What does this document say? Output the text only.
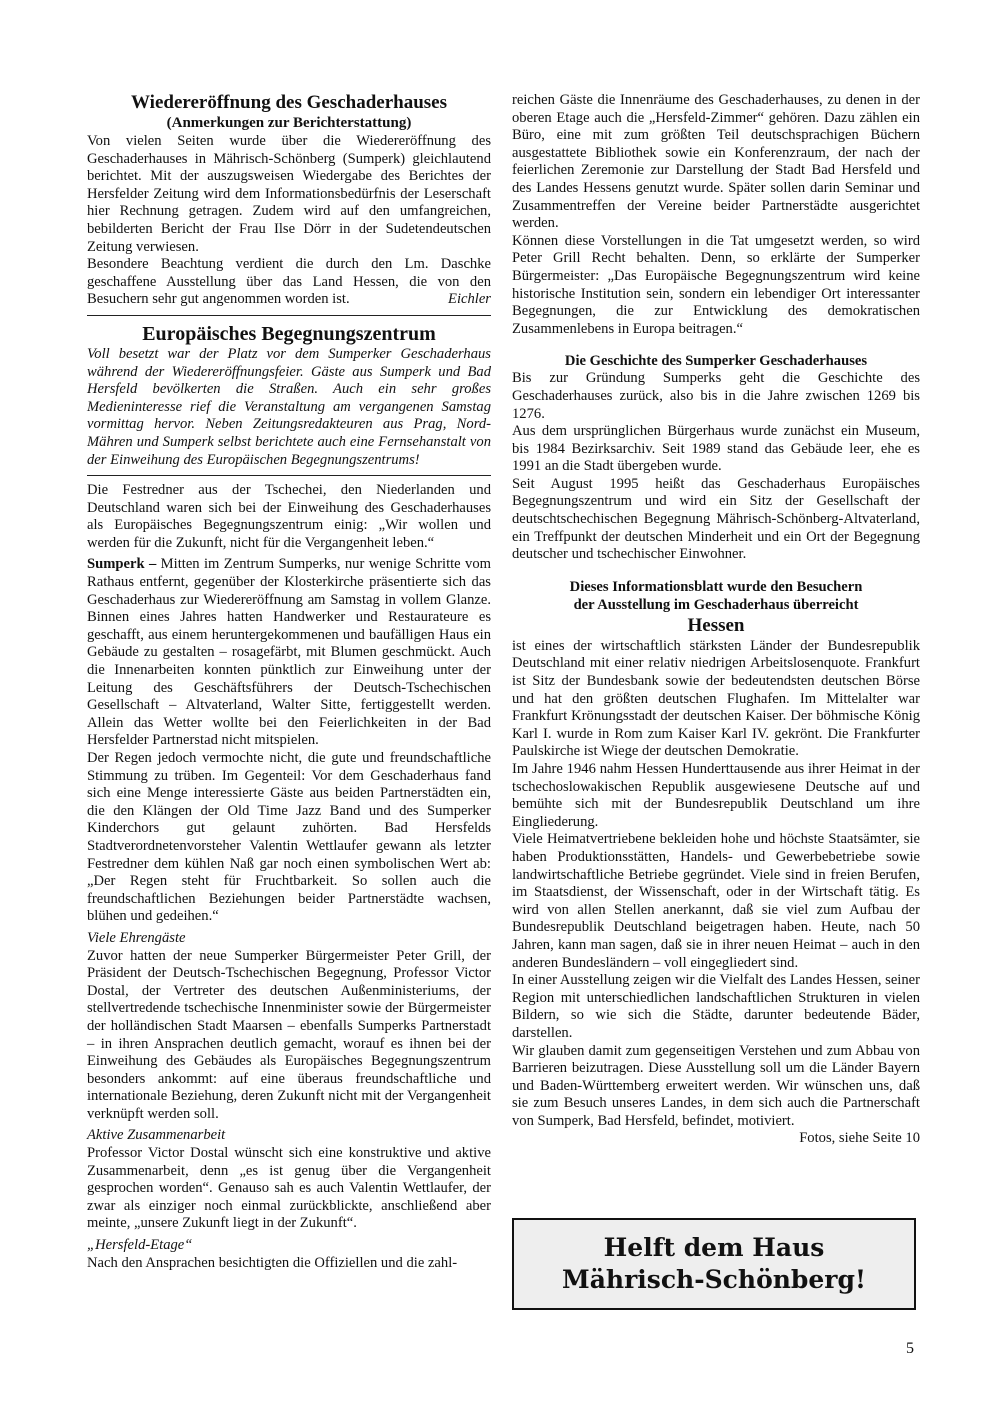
Wiedereröffnung des Geschaderhauses

(Anmerkungen zur Berichterstattung)

Von vielen Seiten wurde über die Wiedereröffnung des Geschaderhauses in Mährisch-Schönberg (Sumperk) gleichlautend berichtet. Mit der auszugsweisen Wiedergabe des Berichtes der Hersfelder Zeitung wird dem Informationsbedürfnis der Leserschaft hier Rechnung getragen. Zudem wird auf den umfangreichen, bebilderten Bericht der Frau Ilse Dörr in der Sudetendeutschen Zeitung verwiesen.

Besondere Beachtung verdient die durch den Lm. Daschke geschaffene Ausstellung über das Land Hessen, die von den Besuchern sehr gut angenommen worden ist.	Eichler

Europäisches Begegnungszentrum

Voll besetzt war der Platz vor dem Sumperker Geschaderhaus während der Wiedereröffnungsfeier. Gäste aus Sumperk und Bad Hersfeld bevölkerten die Straßen. Auch ein sehr großes Medieninteresse rief die Veranstaltung am vergangenen Samstag vormittag hervor. Neben Zeitungsredakteuren aus Prag, Nord-Mähren und Sumperk selbst berichtete auch eine Fernsehanstalt von der Einweihung des Europäischen Begegnungszentrums!

Die Festredner aus der Tschechei, den Niederlanden und Deutschland waren sich bei der Einweihung des Geschaderhauses als Europäisches Begegnungszentrum einig: „Wir wollen und werden für die Zukunft, nicht für die Vergangenheit leben.“

Sumperk – Mitten im Zentrum Sumperks, nur wenige Schritte vom Rathaus entfernt, gegenüber der Klosterkirche präsentierte sich das Geschaderhaus zur Wiedereröffnung am Samstag in vollem Glanze. Binnen eines Jahres hatten Handwerker und Restaurateure es geschafft, aus einem heruntergekommenen und baufälligen Haus ein Gebäude zu gestalten – rosagefärbt, mit Blumen geschmückt. Auch die Innenarbeiten konnten pünktlich zur Einweihung unter der Leitung des Geschäftsführers der Deutsch-Tschechischen Gesellschaft – Altvaterland, Walter Sitte, fertiggestellt werden. Allein das Wetter wollte bei den Feierlichkeiten in der Bad Hersfelder Partnerstad nicht mitspielen.

Der Regen jedoch vermochte nicht, die gute und freundschaftliche Stimmung zu trüben. Im Gegenteil: Vor dem Geschaderhaus fand sich eine Menge interessierte Gäste aus beiden Partnerstädten ein, die den Klängen der Old Time Jazz Band und des Sumperker Kinderchors gut gelaunt zuhörten. Bad Hersfelds Stadtverordnetenvorsteher Valentin Wettlaufer gewann als letzter Festredner dem kühlen Naß gar noch einen symbolischen Wert ab: „Der Regen steht für Fruchtbarkeit. So sollen auch die freundschaftlichen Beziehungen beider Partnerstädte wachsen, blühen und gedeihen.“

Viele Ehrengäste

Zuvor hatten der neue Sumperker Bürgermeister Peter Grill, der Präsident der Deutsch-Tschechischen Begegnung, Professor Victor Dostal, der Vertreter des deutschen Außenministeriums, der stellvertredende tschechische Innenminister sowie der Bürgermeister der holländischen Stadt Maarsen – ebenfalls Sumperks Partnerstadt – in ihren Ansprachen deutlich gemacht, worauf es ihnen bei der Einweihung des Gebäudes als Europäisches Begegnungszentrum besonders ankommt: auf eine überaus freundschaftliche und internationale Beziehung, deren Zukunft nicht mit der Vergangenheit verknüpft werden soll.

Aktive Zusammenarbeit

Professor Victor Dostal wünscht sich eine konstruktive und aktive Zusammenarbeit, denn „es ist genug über die Vergangenheit gesprochen worden“. Genauso sah es auch Valentin Wettlaufer, der zwar als einziger noch einmal zurückblickte, anschließend aber meinte, „unsere Zukunft liegt in der Zukunft“.

„Hersfeld-Etage“

Nach den Ansprachen besichtigten die Offiziellen und die zahl-

reichen Gäste die Innenräume des Geschaderhauses, zu denen in der oberen Etage auch die „Hersfeld-Zimmer“ gehören. Dazu zählen ein Büro, eine mit zum größten Teil deutschsprachigen Büchern ausgestattete Bibliothek sowie ein Konferenzraum, der nach der feierlichen Zeremonie zur Darstellung der Stadt Bad Hersfeld und des Landes Hessens genutzt wurde. Später sollen darin Seminar und Zusammentreffen der Vereine beider Partnerstädte ausgerichtet werden.

Können diese Vorstellungen in die Tat umgesetzt werden, so wird Peter Grill Recht behalten. Denn, so erklärte der Sumperker Bürgermeister: „Das Europäische Begegnungszentrum wird keine historische Institution sein, sondern ein lebendiger Ort interessanter Begegnungen, die zur Entwicklung des demokratischen Zusammenlebens in Europa beitragen.“

Die Geschichte des Sumperker Geschaderhauses

Bis zur Gründung Sumperks geht die Geschichte des Geschaderhauses zurück, also bis in die Jahre zwischen 1269 bis 1276.

Aus dem ursprünglichen Bürgerhaus wurde zunächst ein Museum, bis 1984 Bezirksarchiv. Seit 1989 stand das Gebäude leer, ehe es 1991 an die Stadt übergeben wurde.

Seit August 1995 heißt das Geschaderhaus Europäisches Begegnungszentrum und wird ein Sitz der Gesellschaft der deutschtschechischen Begegnung Mährisch-Schönberg-Altvaterland, ein Treffpunkt der deutschen Minderheit und ein Ort der Begegnung deutscher und tschechischer Einwohner.

Dieses Informationsblatt wurde den Besuchern

der Ausstellung im Geschaderhaus überreicht

Hessen

ist eines der wirtschaftlich stärksten Länder der Bundesrepublik Deutschland mit einer relativ niedrigen Arbeitslosenquote. Frankfurt ist Sitz der Bundesbank sowie der bedeutendsten deutschen Börse und hat den größten deutschen Flughafen. Im Mittelalter war Frankfurt Krönungsstadt der deutschen Kaiser. Der böhmische König Karl I. wurde in Rom zum Kaiser Karl IV. gekrönt. Die Frankfurter Paulskirche ist Wiege der deutschen Demokratie.

Im Jahre 1946 nahm Hessen Hunderttausende aus ihrer Heimat in der tschechoslowakischen Republik ausgewiesene Deutsche auf und bemühte sich mit der Bundesrepublik Deutschland um ihre Eingliederung.

Viele Heimatvertriebene bekleiden hohe und höchste Staatsämter, sie haben Produktionsstätten, Handels- und Gewerbebetriebe sowie landwirtschaftliche Betriebe gegründet. Viele sind in freien Berufen, im Staatsdienst, der Wissenschaft, oder in der Wirtschaft tätig. Es wird von allen Stellen anerkannt, daß sie viel zum Aufbau der Bundesrepublik Deutschland beigetragen haben. Heute, nach 50 Jahren, kann man sagen, daß sie in ihrer neuen Heimat – auch in den anderen Bundesländern – voll eingegliedert sind.

In einer Ausstellung zeigen wir die Vielfalt des Landes Hessen, seiner Region mit unterschiedlichen landschaftlichen Strukturen in vielen Bildern, so wie sich die Städte, darunter bedeutende Bäder, darstellen.

Wir glauben damit zum gegenseitigen Verstehen und zum Abbau von Barrieren beizutragen. Diese Ausstellung soll um die Länder Bayern und Baden-Württemberg erweitert werden. Wir wünschen uns, daß sie zum Besuch unseres Landes, in dem sich auch die Partnerschaft von Sumperk, Bad Hersfeld, befindet, motiviert.

Fotos, siehe Seite 10

Helft dem Haus
Mährisch-Schönberg!
5
